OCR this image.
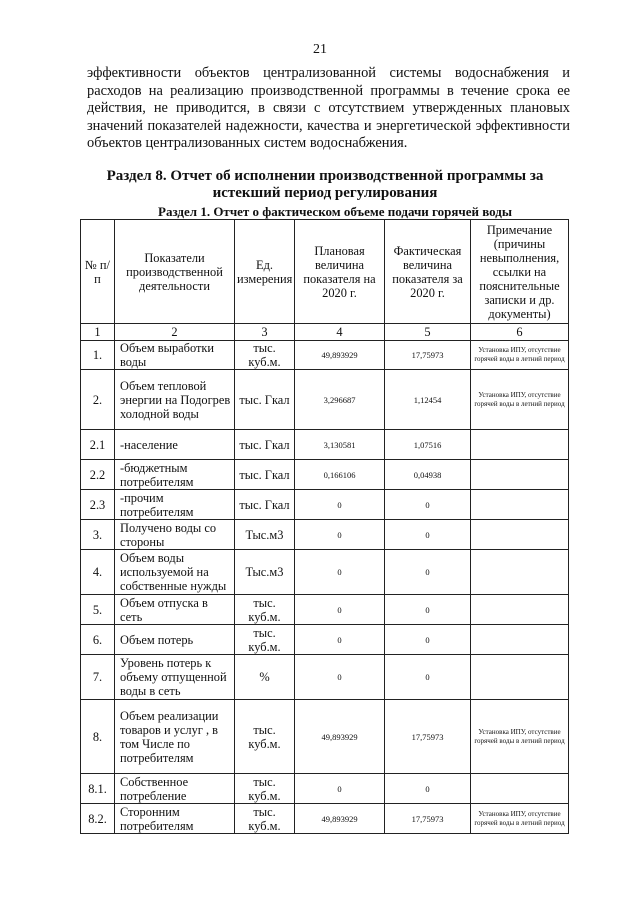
21
эффективности объектов централизованной системы водоснабжения и расходов на реализацию производственной программы в течение срока ее действия, не приводится, в связи с отсутствием утвержденных плановых значений показателей надежности, качества и энергетической эффективности объектов централизованных систем водоснабжения.
Раздел 8. Отчет об исполнении производственной программы за истекший период регулирования
Раздел 1. Отчет о фактическом объеме подачи горячей воды
№ п/п	Показатели производственной деятельности	Ед. измерения	Плановая величина показателя на 2020 г.	Фактическая величина показателя за 2020 г.	Примечание (причины невыполнения, ссылки на пояснительные записки и др. документы)
1	2	3	4	5	6
1.	Объем выработки воды	тыс. куб.м.	49,893929	17,75973	Установка ИПУ, отсутствие горячей воды в летний период
2.	Объем тепловой энергии на Подогрев холодной воды	тыс. Гкал	3,296687	1,12454	Установка ИПУ, отсутствие горячей воды в летний период
2.1	-население	тыс. Гкал	3,130581	1,07516	
2.2	-бюджетным потребителям	тыс. Гкал	0,166106	0,04938	
2.3	-прочим потребителям	тыс. Гкал	0	0	
3.	Получено воды со стороны	Тыс.м3	0	0	
4.	Объем воды используемой на собственные нужды	Тыс.м3	0	0	
5.	Объем отпуска в сеть	тыс. куб.м.	0	0	
6.	Объем потерь	тыс. куб.м.	0	0	
7.	Уровень потерь к объему отпущенной воды в сеть	%	0	0	
8.	Объем реализации товаров и услуг , в том Числе по потребителям	тыс. куб.м.	49,893929	17,75973	Установка ИПУ, отсутствие горячей воды в летний период
8.1.	Собственное потребление	тыс. куб.м.	0	0	
8.2.	Сторонним потребителям	тыс. куб.м.	49,893929	17,75973	Установка ИПУ, отсутствие горячей воды в летний период
